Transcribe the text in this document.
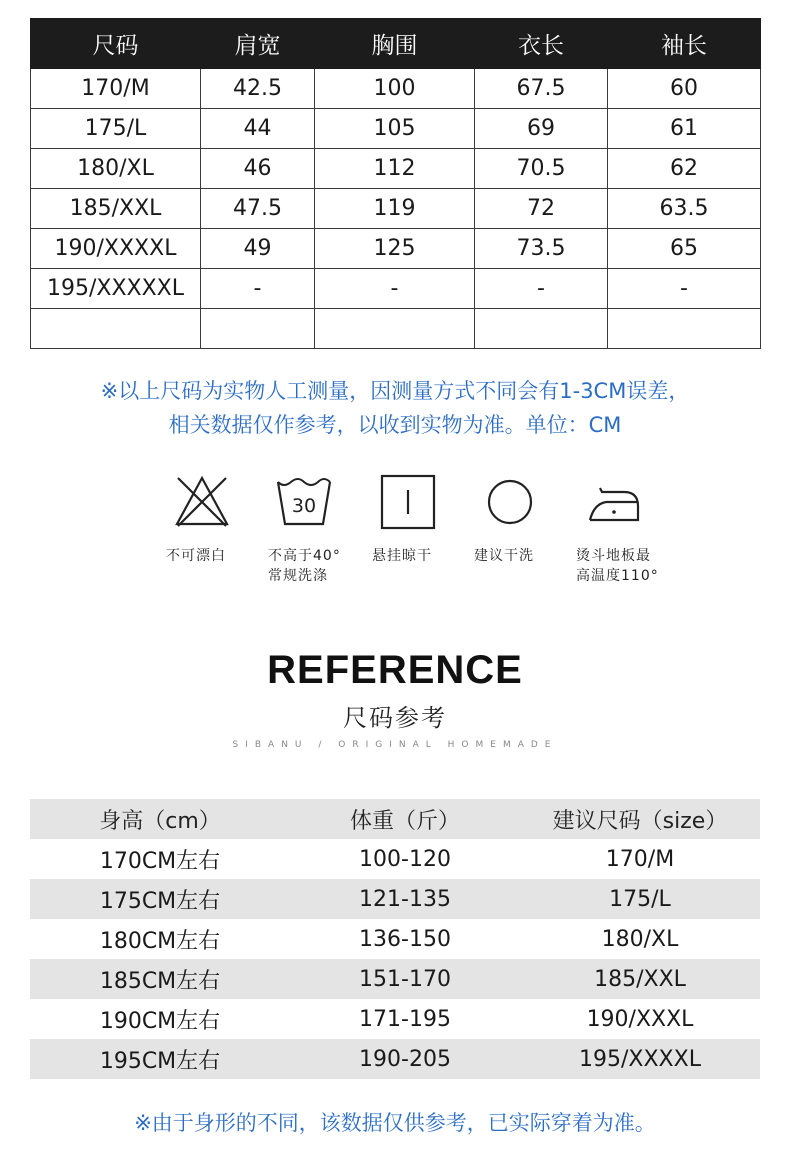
尺码	肩宽	胸围	衣长	袖长
170/M	42.5	100	67.5	60
175/L	44	105	69	61
180/XL	46	112	70.5	62
185/XXL	47.5	119	72	63.5
190/XXXXL	49	125	73.5	65
195/XXXXXL	-	-	-	-

※以上尺码为实物人工测量，因测量方式不同会有1-3CM误差，
相关数据仅作参考，以收到实物为准。单位：CM
不可漂白
30
不高于40°
常规洗涤
悬挂晾干	建议干洗	烫斗地板最
高温度110°
REFERENCE
尺码参考
SIBANU / ORIGINAL HOMEMADE
身高（cm）	体重（斤）	建议尺码（size）
170CM左右	100-120	170/M
175CM左右	121-135	175/L
180CM左右	136-150	180/XL
185CM左右	151-170	185/XXL
190CM左右	171-195	190/XXXL
195CM左右	190-205	195/XXXXL
※由于身形的不同，该数据仅供参考，已实际穿着为准。
